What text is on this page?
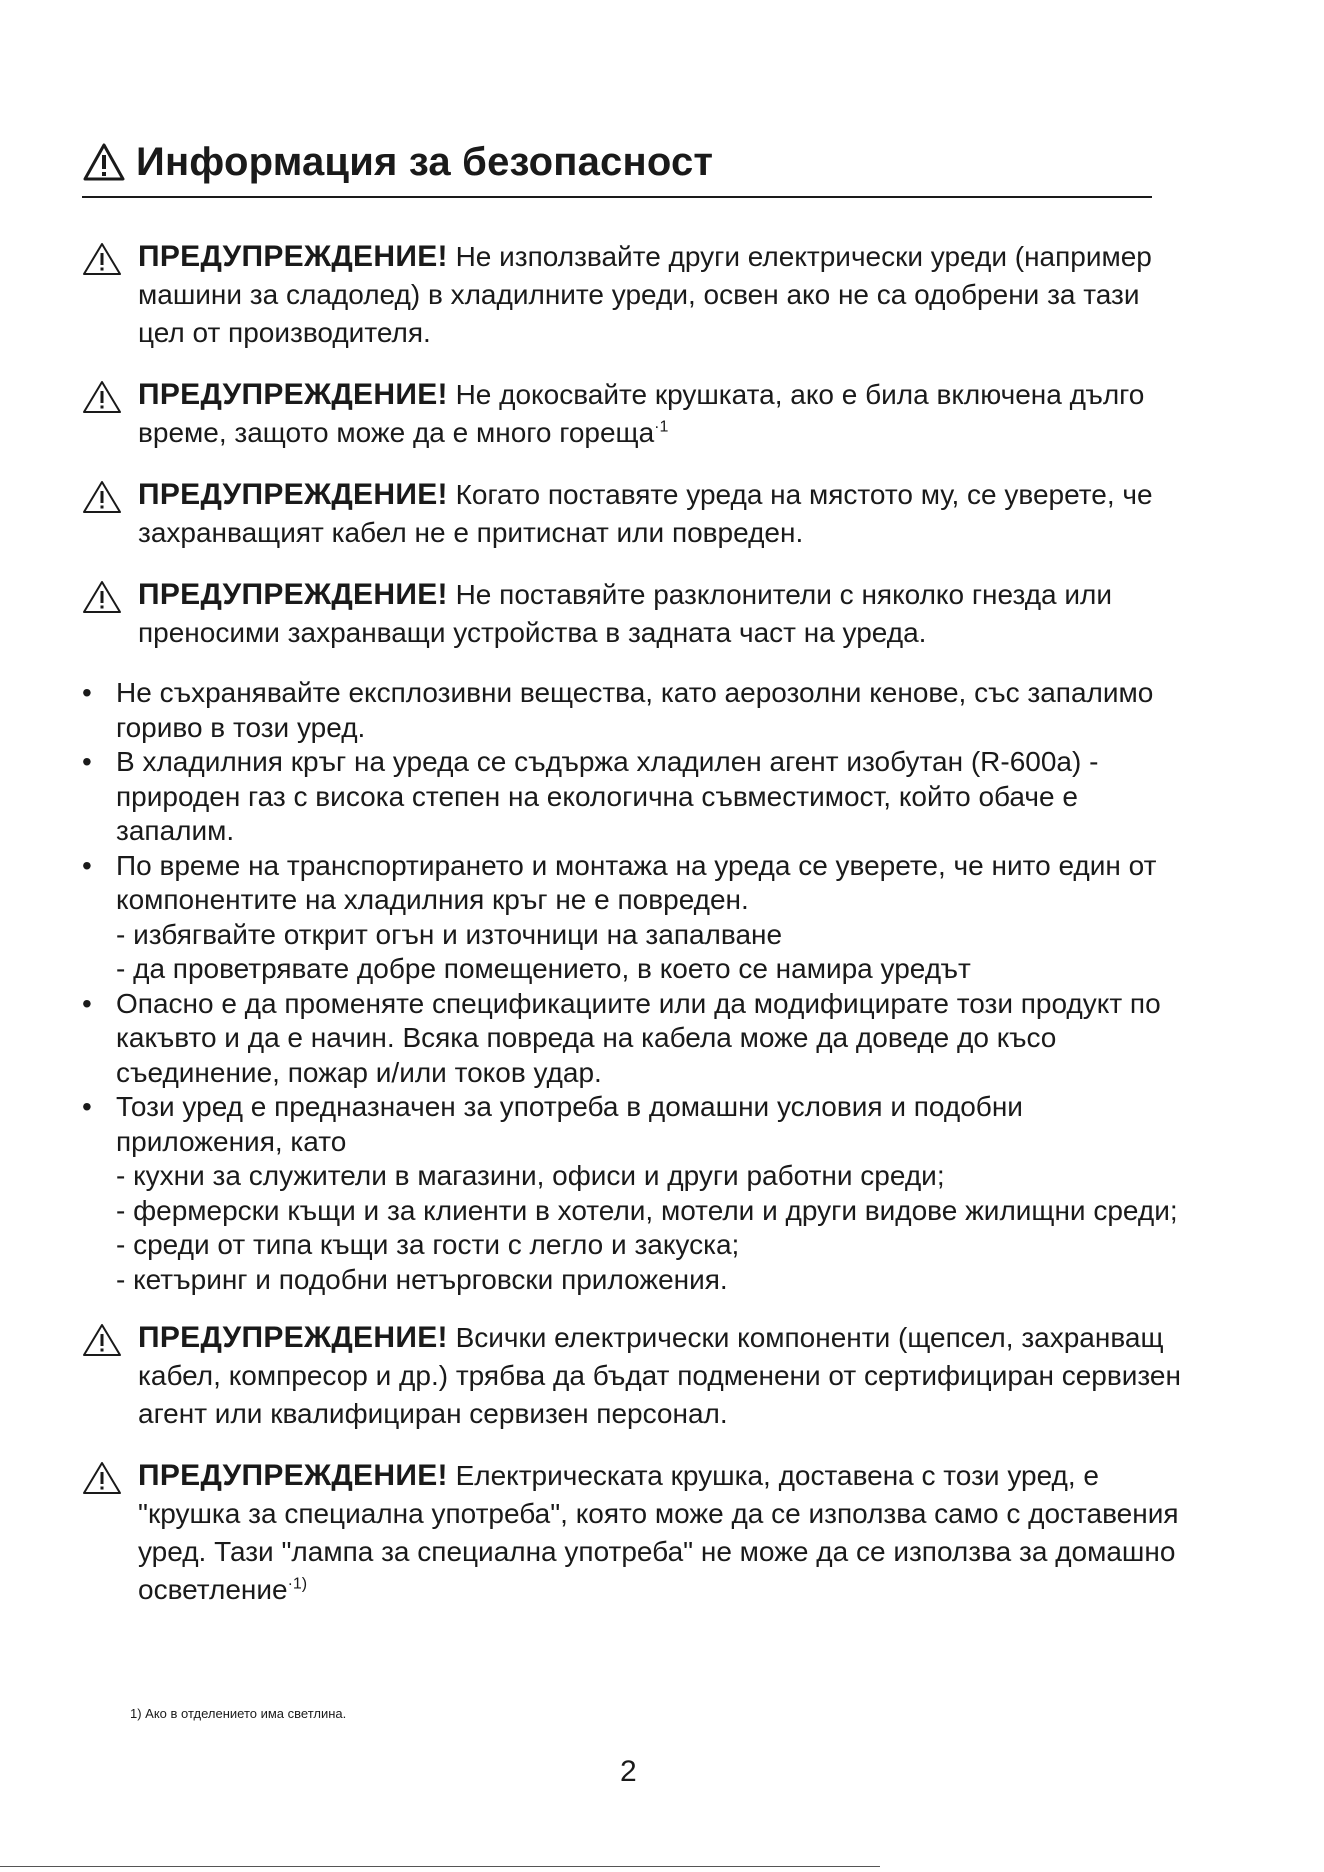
Информация за безопасност
ПРЕДУПРЕЖДЕНИЕ! Не използвайте други електрически уреди (например машини за сладолед) в хладилните уреди, освен ако не са одобрени за тази цел от производителя.
ПРЕДУПРЕЖДЕНИЕ! Не докосвайте крушката, ако е била включена дълго време, защото може да е много гореща$^{\cdot 1}$
ПРЕДУПРЕЖДЕНИЕ! Когато поставяте уреда на мястото му, се уверете, че захранващият кабел не е притиснат или повреден.
ПРЕДУПРЕЖДЕНИЕ! Не поставяйте разклонители с няколко гнезда или преносими захранващи устройства в задната част на уреда.
• Не съхранявайте експлозивни вещества, като аерозолни кенове, със запалимо гориво в този уред.
• В хладилния кръг на уреда се съдържа хладилен агент изобутан (R-600a) - природен газ с висока степен на екологична съвместимост, който обаче е запалим.
• По време на транспортирането и монтажа на уреда се уверете, че нито един от компонентите на хладилния кръг не е повреден.
- избягвайте открит огън и източници на запалване
- да проветрявате добре помещението, в което се намира уредът
• Опасно е да променяте спецификациите или да модифицирате този продукт по какъвто и да е начин. Всяка повреда на кабела може да доведе до късо съединение, пожар и/или токов удар.
• Този уред е предназначен за употреба в домашни условия и подобни приложения, като
- кухни за служители в магазини, офиси и други работни среди;
- фермерски къщи и за клиенти в хотели, мотели и други видове жилищни среди;
- среди от типа къщи за гости с легло и закуска;
- кетъринг и подобни нетърговски приложения.
ПРЕДУПРЕЖДЕНИЕ! Всички електрически компоненти (щепсел, захранващ кабел, компресор и др.) трябва да бъдат подменени от сертифициран сервизен агент или квалифициран сервизен персонал.
ПРЕДУПРЕЖДЕНИЕ! Електрическата крушка, доставена с този уред, е "крушка за специална употреба", която може да се използва само с доставения уред. Тази "лампа за специална употреба" не може да се използва за домашно осветление$^{\cdot 1)}$
1) Ако в отделението има светлина.
2
